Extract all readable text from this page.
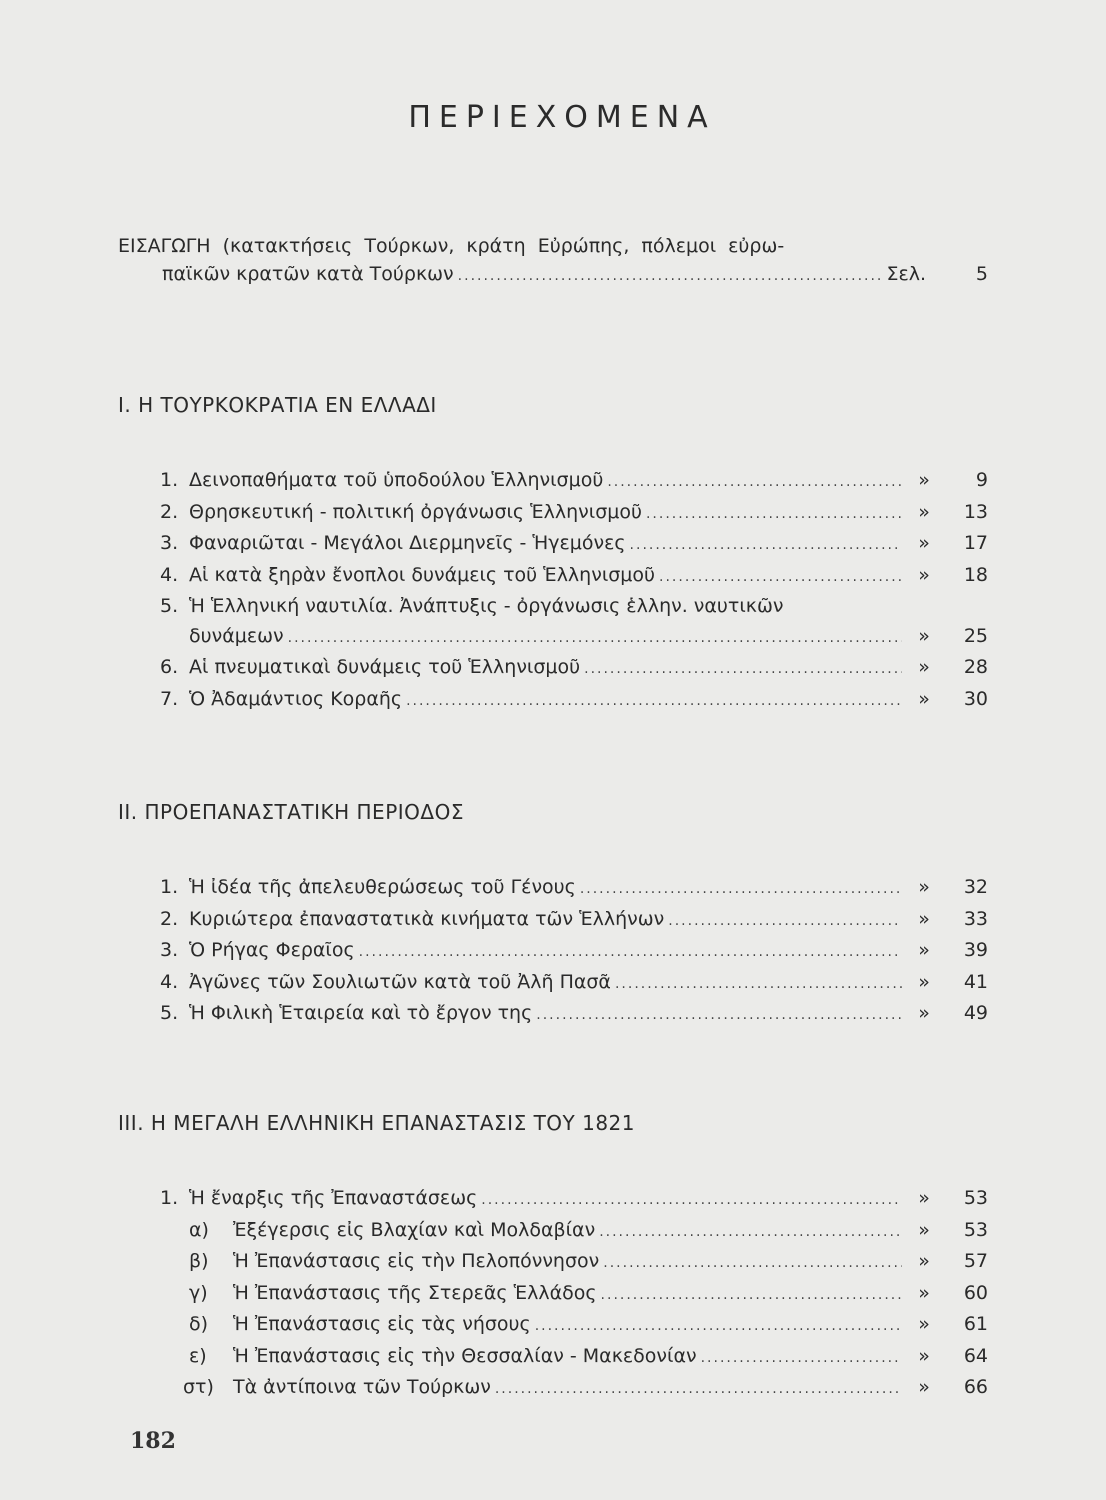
ΠΕΡΙΕΧΟΜΕΝΑ
ΕΙΣΑΓΩΓΗ (κατακτήσεις Τούρκων, κράτη Εὐρώπης, πόλεμοι εὐρω-
παϊκῶν κρατῶν κατὰ Τούρκων .....	Σελ.	5
I. Η ΤΟΥΡΚΟΚΡΑΤΙΑ ΕΝ ΕΛΛΑΔΙ
1. Δεινοπαθήματα τοῦ ὑποδούλου Ἑλληνισμοῦ .....	»	9
2. Θρησκευτική - πολιτική ὀργάνωσις Ἑλληνισμοῦ .....	»	13
3. Φαναριῶται - Μεγάλοι Διερμηνεῖς - Ἡγεμόνες .....	»	17
4. Αἱ κατὰ ξηρὰν ἔνοπλοι δυνάμεις τοῦ Ἑλληνισμοῦ .....	»	18
5. Ἡ Ἑλληνική ναυτιλία. Ἀνάπτυξις - ὀργάνωσις ἑλλην. ναυτικῶν
δυνάμεων .....	»	25
6. Αἱ πνευματικαὶ δυνάμεις τοῦ Ἑλληνισμοῦ .....	»	28
7. Ὁ Ἀδαμάντιος Κοραῆς .....	»	30
II. ΠΡΟΕΠΑΝΑΣΤΑΤΙΚΗ ΠΕΡΙΟΔΟΣ
1. Ἡ ἰδέα τῆς ἀπελευθερώσεως τοῦ Γένους .....	»	32
2. Κυριώτερα ἐπαναστατικὰ κινήματα τῶν Ἑλλήνων .....	»	33
3. Ὁ Ρήγας Φεραῖος .....	»	39
4. Ἀγῶνες τῶν Σουλιωτῶν κατὰ τοῦ Ἀλῆ Πασᾶ .....	»	41
5. Ἡ Φιλικὴ Ἑταιρεία καὶ τὸ ἔργον της .....	»	49
III. Η ΜΕΓΑΛΗ ΕΛΛΗΝΙΚΗ ΕΠΑΝΑΣΤΑΣΙΣ ΤΟΥ 1821
1. Ἡ ἔναρξις τῆς Ἐπαναστάσεως .....	»	53
α) Ἐξέγερσις εἰς Βλαχίαν καὶ Μολδαβίαν .....	»	53
β) Ἡ Ἐπανάστασις εἰς τὴν Πελοπόννησον .....	»	57
γ) Ἡ Ἐπανάστασις τῆς Στερεᾶς Ἑλλάδος .....	»	60
δ) Ἡ Ἐπανάστασις εἰς τὰς νήσους .....	»	61
ε) Ἡ Ἐπανάστασις εἰς τὴν Θεσσαλίαν - Μακεδονίαν .....	»	64
στ) Τὰ ἀντίποινα τῶν Τούρκων .....	»	66
182
